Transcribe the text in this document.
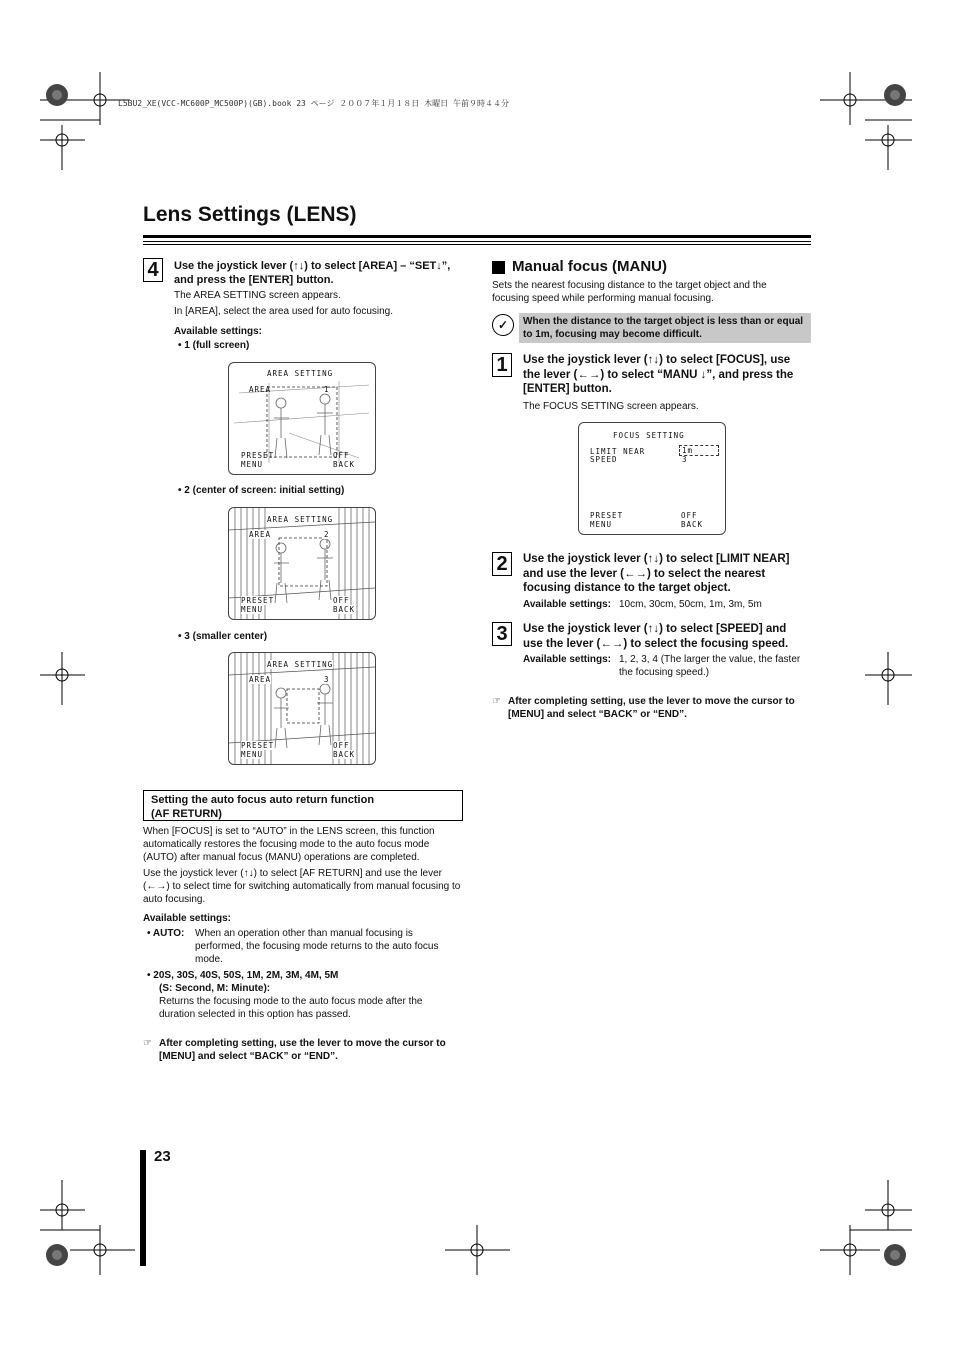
L5BU2_XE(VCC-MC600P_MC500P)(GB).book 23 ページ ２００７年１月１８日 木曜日 午前９時４４分
Lens Settings (LENS)
4	Use the joystick lever (↑↓) to select [AREA] – “SET↓”, and press the [ENTER] button.
The AREA SETTING screen appears.
In [AREA], select the area used for auto focusing.
Available settings:
• 1 (full screen)
AREA SETTING
AREA	1
PRESET
MENU
OFF
BACK
• 2 (center of screen: initial setting)
AREA SETTING
AREA	2
PRESET
MENU
OFF
BACK
• 3 (smaller center)
AREA SETTING
AREA	3
PRESET
MENU
OFF
BACK
Setting the auto focus auto return function
(AF RETURN)
When [FOCUS] is set to “AUTO” in the LENS screen, this function automatically restores the focusing mode to the auto focus mode (AUTO) after manual focus (MANU) operations are completed.
Use the joystick lever (↑↓) to select [AF RETURN] and use the lever (←→) to select time for switching automatically from manual focusing to auto focusing.
Available settings:
• AUTO: When an operation other than manual focusing is performed, the focusing mode returns to the auto focus mode.
• 20S, 30S, 40S, 50S, 1M, 2M, 3M, 4M, 5M
(S: Second, M: Minute):
Returns the focusing mode to the auto focus mode after the duration selected in this option has passed.
☞ After completing setting, use the lever to move the cursor to [MENU] and select “BACK” or “END”.
Manual focus (MANU)
Sets the nearest focusing distance to the target object and the focusing speed while performing manual focusing.
✓	When the distance to the target object is less than or equal to 1m, focusing may become difficult.
1	Use the joystick lever (↑↓) to select [FOCUS], use the lever (←→) to select “MANU ↓”, and press the [ENTER] button.
The FOCUS SETTING screen appears.
FOCUS SETTING
LIMIT NEAR
SPEED
1m
3
PRESET
MENU
OFF
BACK
2	Use the joystick lever (↑↓) to select [LIMIT NEAR] and use the lever (←→) to select the nearest focusing distance to the target object.
Available settings: 10cm, 30cm, 50cm, 1m, 3m, 5m
3	Use the joystick lever (↑↓) to select [SPEED] and use the lever (←→) to select the focusing speed.
Available settings: 1, 2, 3, 4 (The larger the value, the faster the focusing speed.)
☞ After completing setting, use the lever to move the cursor to [MENU] and select “BACK” or “END”.
23
